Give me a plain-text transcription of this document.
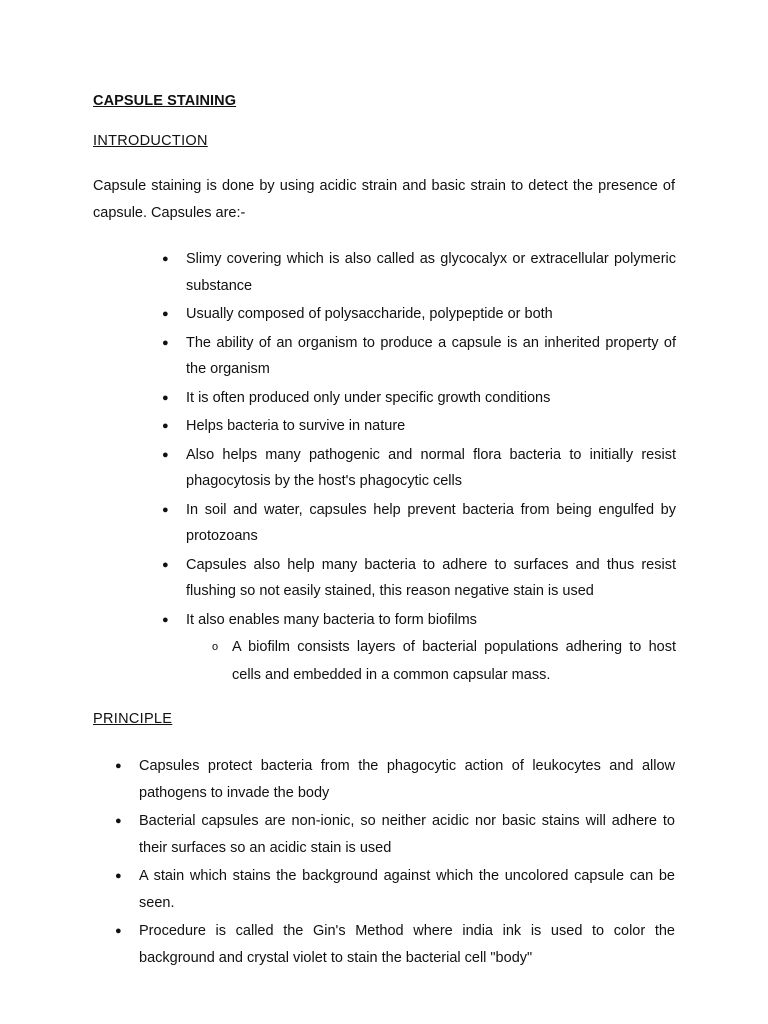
CAPSULE STAINING
INTRODUCTION
Capsule staining is done by using acidic strain and basic strain to detect the presence of capsule. Capsules are:-
● Slimy covering which is also called as glycocalyx or extracellular polymeric substance
● Usually composed of polysaccharide, polypeptide or both
● The ability of an organism to produce a capsule is an inherited property of the organism
● It is often produced only under specific growth conditions
● Helps bacteria to survive in nature
● Also helps many pathogenic and normal flora bacteria to initially resist phagocytosis by the host's phagocytic cells
● In soil and water, capsules help prevent bacteria from being engulfed by protozoans
● Capsules also help many bacteria to adhere to surfaces and thus resist flushing so not easily stained, this reason negative stain is used
● It also enables many bacteria to form biofilms
o A biofilm consists layers of bacterial populations adhering to host cells and embedded in a common capsular mass.
PRINCIPLE
● Capsules protect bacteria from the phagocytic action of leukocytes and allow pathogens to invade the body
● Bacterial capsules are non-ionic, so neither acidic nor basic stains will adhere to their surfaces so an acidic stain is used
● A stain which stains the background against which the uncolored capsule can be seen.
● Procedure is called the Gin's Method where india ink is used to color the background and crystal violet to stain the bacterial cell "body"
